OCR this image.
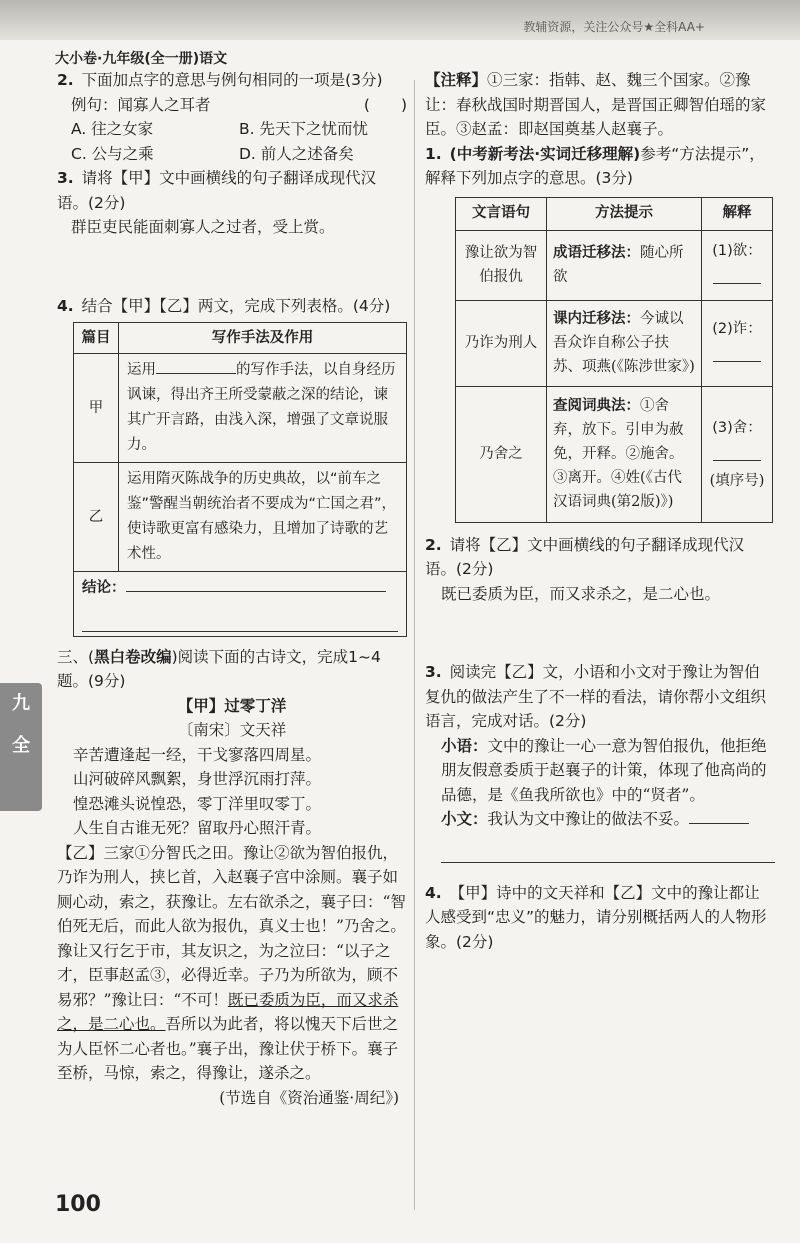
教辅资源，关注公众号★全科AA+
大小卷·九年级(全一册)语文
九
全
2. 下面加点字的意思与例句相同的一项是(3分)
(　　)
例句：闻寡人之耳者
A. 往之女家	B. 先天下之忧而忧
C. 公与之乘	D. 前人之述备矣
3. 请将【甲】文中画横线的句子翻译成现代汉语。(2分)
群臣吏民能面刺寡人之过者，受上赏。
4. 结合【甲】【乙】两文，完成下列表格。(4分)
篇目	写作手法及作用
甲	运用 的写作手法，以自身经历讽谏，得出齐王所受蒙蔽之深的结论，谏其广开言路，由浅入深，增强了文章说服力。
乙	运用隋灭陈战争的历史典故，以“前车之鉴”警醒当朝统治者不要成为“亡国之君”，使诗歌更富有感染力，且增加了诗歌的艺术性。
结论：	
三、(黑白卷改编)阅读下面的古诗文，完成1~4题。(9分)
【甲】过零丁洋
〔南宋〕文天祥
辛苦遭逢起一经，干戈寥落四周星。
山河破碎风飘絮，身世浮沉雨打萍。
惶恐滩头说惶恐，零丁洋里叹零丁。
人生自古谁无死？留取丹心照汗青。
【乙】三家①分智氏之田。豫让②欲为智伯报仇，乃诈为刑人，挟匕首，入赵襄子宫中涂厕。襄子如厕心动，索之，获豫让。左右欲杀之，襄子曰：“智伯死无后，而此人欲为报仇，真义士也！”乃舍之。豫让又行乞于市，其友识之，为之泣曰：“以子之才，臣事赵孟③，必得近幸。子乃为所欲为，顾不易邪？”豫让曰：“不可！既已委质为臣，而又求杀之，是二心也。吾所以为此者，将以愧天下后世之为人臣怀二心者也。”襄子出，豫让伏于桥下。襄子至桥，马惊，索之，得豫让，遂杀之。
(节选自《资治通鉴·周纪》)
【注释】①三家：指韩、赵、魏三个国家。②豫让：春秋战国时期晋国人，是晋国正卿智伯瑶的家臣。③赵孟：即赵国奠基人赵襄子。
1. (中考新考法·实词迁移理解)参考“方法提示”，解释下列加点字的意思。(3分)
文言语句	方法提示	解释
豫让欲为智伯报仇	成语迁移法：随心所欲	(1)欲：

乃诈为刑人	课内迁移法：今诚以吾众诈自称公子扶苏、项燕(《陈涉世家》)	(2)诈：

乃舍之	查阅词典法：①舍弃，放下。引申为赦免，开释。②施舍。③离开。④姓(《古代汉语词典(第2版)》)	(3)舍：

(填序号)
2. 请将【乙】文中画横线的句子翻译成现代汉语。(2分)
既已委质为臣，而又求杀之，是二心也。
3. 阅读完【乙】文，小语和小文对于豫让为智伯复仇的做法产生了不一样的看法，请你帮小文组织语言，完成对话。(2分)
小语：文中的豫让一心一意为智伯报仇，他拒绝朋友假意委质于赵襄子的计策，体现了他高尚的品德，是《鱼我所欲也》中的“贤者”。
小文：我认为文中豫让的做法不妥。
4. 【甲】诗中的文天祥和【乙】文中的豫让都让人感受到“忠义”的魅力，请分别概括两人的人物形象。(2分)
100
